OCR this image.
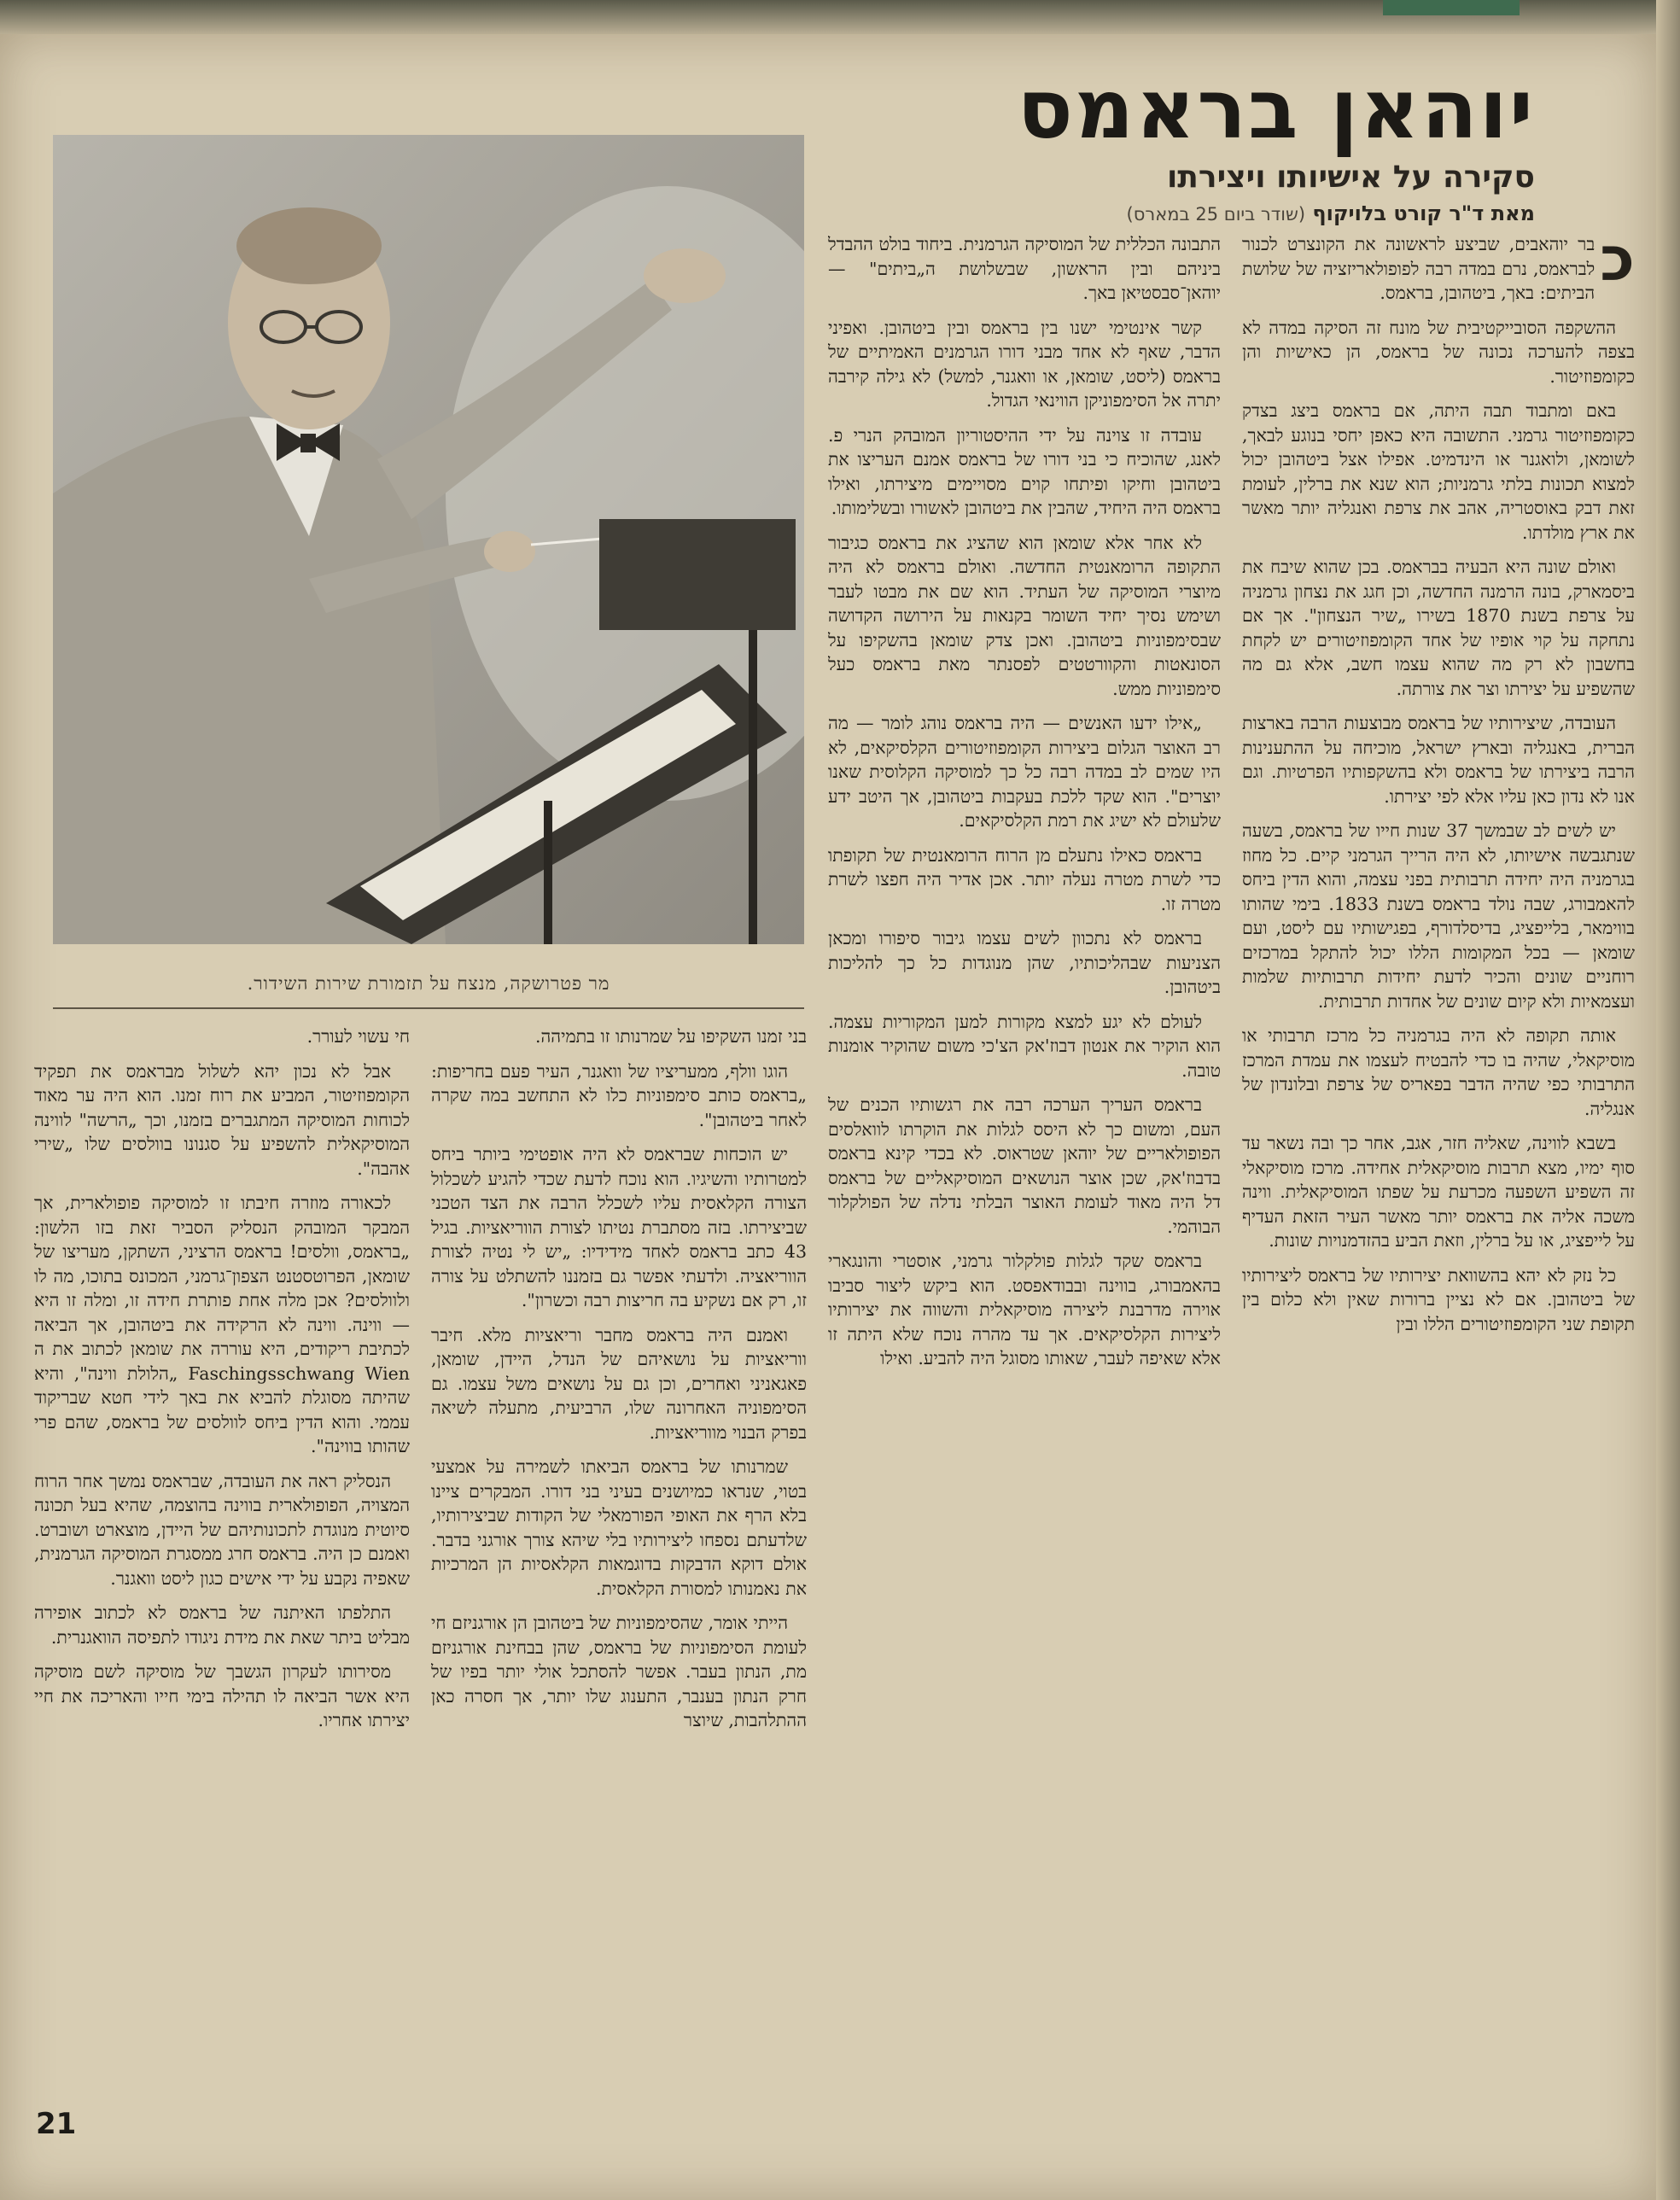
יוהאן בראמס
סקירה על אישיותו ויצירתו
מאת ד"ר קורט בלויקוף (שודר ביום 25 במארס)
מר פטרושקה, מנצח על תזמורת שירות השידור.

כ
בר יוהאבים, שביצע לראשונה את הקונצרט לכנור לבראמס, נרם במדה רבה לפופולאריזציה של שלושת הביתים: באך, ביטהובן, בראמס.

ההשקפה הסובייקטיבית של מונח זה הסיקה במדה לא בצפה להערכה נכונה של בראמס, הן כאישיות והן כקומפוזיטור.

באם ומתבוד תבה היתה, אם בראמס ביצג בצדק כקומפוזיטור גרמני. התשובה היא כאפן יחסי בנוגע לבאך, לשומאן, ולואגנר או הינדמיט. אפילו אצל ביטהובן יכול למצוא תכונות בלתי גרמניות; הוא שנא את ברלין, לעומת זאת דבק באוסטריה, אהב את צרפת ואנגליה יותר מאשר את ארץ מולדתו.

ואולם שונה היא הבעיה בבראמס. בכן שהוא שיבח את ביסמארק, בונה הרמנה החדשה, וכן חגג את נצחון גרמניה על צרפת בשנת 1870 בשירו „שיר הנצחון". אך אם נתחקה על קוי אופיו של אחד הקומפוזיטורים יש לקחת בחשבון לא רק מה שהוא עצמו חשב, אלא גם מה שהשפיע על יצירתו וצר את צורתה.

העובדה, שיצירותיו של בראמס מבוצעות הרבה בארצות הברית, באנגליה ובארץ ישראל, מוכיחה על ההתענינות הרבה ביצירתו של בראמס ולא בהשקפותיו הפרטיות. וגם אנו לא נדון כאן עליו אלא לפי יצירתו.

יש לשים לב שבמשך 37 שנות חייו של בראמס, בשעה שנתגבשה אישיותו, לא היה הרייך הגרמני קיים. כל מחוז בגרמניה היה יחידה תרבותית בפני עצמה, והוא הדין ביחס להאמבורג, שבה נולד בראמס בשנת 1833. בימי שהותו בווימאר, בלייפציג, בדיסלדורף, בפגישותיו עם ליסט, ועם שומאן — בכל המקומות הללו יכול להתקל במרכזים רוחניים שונים והכיר לדעת יחידות תרבותיות שלמות ועצמאיות ולא קיום שונים של אחדות תרבותית.

אותה תקופה לא היה בגרמניה כל מרכז תרבותי או מוסיקאלי, שהיה בו כדי להבטיח לעצמו את עמדת המרכז התרבותי כפי שהיה הדבר בפאריס של צרפת ובלונדון של אנגליה.

בשבא לווינה, שאליה חזר, אגב, אחר כך ובה נשאר עד סוף ימיו, מצא תרבות מוסיקאלית אחידה. מרכז מוסיקאלי זה השפיע השפעה מכרעת על שפתו המוסיקאלית. ווינה משכה אליה את בראמס יותר מאשר העיר הזאת העדיף על לייפציג, או על ברלין, וזאת הביע בהזדמנויות שונות.

כל נזק לא יהא בהשוואת יצירותיו של בראמס ליצירותיו של ביטהובן. אם לא נציין ברורות שאין ולא כלום בין תקופת שני הקומפוזיטורים הללו ובין

התבונה הכללית של המוסיקה הגרמנית. ביחוד בולט ההבדל ביניהם ובין הראשון, שבשלושת ה„ביתים" — יוהאן־סבסטיאן באך.

קשר אינטימי ישנו בין בראמס ובין ביטהובן. ואפיני הדבר, שאף לא אחד מבני דורו הגרמנים האמיתיים של בראמס (ליסט, שומאן, או וואגנר, למשל) לא גילה קירבה יתרה אל הסימפוניקן הווינאי הגדול.

עובדה זו צוינה על ידי ההיסטוריון המובהק הנרי פ. לאנג, שהוכיח כי בני דורו של בראמס אמנם העריצו את ביטהובן וחיקו ופיתחו קוים מסויימים מיצירתו, ואילו בראמס היה היחיד, שהבין את ביטהובן לאשורו ובשלימותו.

לא אחר אלא שומאן הוא שהציג את בראמס כגיבור התקופה הרומאנטית החדשה. ואולם בראמס לא היה מיוצרי המוסיקה של העתיד. הוא שם את מבטו לעבר ושימש נסיך יחיד השומר בקנאות על הירושה הקדושה שבסימפוניות ביטהובן. ואכן צדק שומאן בהשקיפו על הסונאטות והקוורטטים לפסנתר מאת בראמס כעל סימפוניות ממש.

„אילו ידעו האנשים — היה בראמס נוהג לומר — מה רב האוצר הגלום ביצירות הקומפוזיטורים הקלסיקאים, לא היו שמים לב במדה רבה כל כך למוסיקה הקלוסית שאנו יוצרים". הוא שקד ללכת בעקבות ביטהובן, אך היטב ידע שלעולם לא ישיג את רמת הקלסיקאים.

בראמס כאילו נתעלם מן הרוח הרומאנטית של תקופתו כדי לשרת מטרה נעלה יותר. אכן אדיר היה חפצו לשרת מטרה זו.

בראמס לא נתכוון לשים עצמו גיבור סיפורו ומכאן הצניעות שבהליכותיו, שהן מנוגדות כל כך להליכות ביטהובן.

לעולם לא יגע למצא מקורות למען המקוריות עצמה. הוא הוקיר את אנטון דבוז'אק הצ'כי משום שהוקיר אומנות טובה.

בראמס העריך הערכה רבה את רגשותיו הכנים של העם, ומשום כך לא היסס לגלות את הוקרתו לוואלסים הפופולאריים של יוהאן שטראוס. לא בכדי קינא בראמס בדבוז'אק, שכן אוצר הנושאים המוסיקאליים של בראמס דל היה מאוד לעומת האוצר הבלתי נדלה של הפולקלור הבוהמי.

בראמס שקד לגלות פולקלור גרמני, אוסטרי והונגארי בהאמבורג, בווינה ובבודאפסט. הוא ביקש ליצור סביבו אוירה מדרבנת ליצירה מוסיקאלית והשווה את יצירותיו ליצירות הקלסיקאים. אך עד מהרה נוכח שלא היתה זו אלא שאיפה לעבר, שאותו מסוגל היה להביע. ואילו

בני זמנו השקיפו על שמרנותו זו בתמיהה.

הוגו וולף, ממעריציו של וואגנר, העיר פעם בחריפות: „בראמס כותב סימפוניות כלו לא התחשב במה שקרה לאחר ביטהובן".

יש הוכחות שבראמס לא היה אופטימי ביותר ביחס למטרותיו והשיגיו. הוא נוכח לדעת שכדי להגיע לשכלול הצורה הקלאסית עליו לשכלל הרבה את הצד הטכני שביצירתו. בזה מסתברת נטיתו לצורת הווריאציות. בגיל 43 כתב בראמס לאחד מידידיו: „יש לי נטיה לצורת הווריאציה. ולדעתי אפשר גם בזמננו להשתלט על צורה זו, רק אם נשקיע בה חריצות רבה וכשרון".

ואמנם היה בראמס מחבר וריאציות מלא. חיבר ווריאציות על נושאיהם של הנדל, היידן, שומאן, פאגאניני ואחרים, וכן גם על נושאים משל עצמו. גם הסימפוניה האחרונה שלו, הרביעית, מתעלה לשיאה בפרק הבנוי מווריאציות.

שמרנותו של בראמס הביאתו לשמירה על אמצעי בטוי, שנראו כמיושנים בעיני בני דורו. המבקרים ציינו בלא הרף את האופי הפורמאלי של הקודות שביצירותיו, שלדעתם נספחו ליצירותיו בלי שיהא צורך אורגני בדבר. אולם דוקא הדבקות בדוגמאות הקלאסיות הן המרכיות את נאמנותו למסורת הקלאסית.

הייתי אומר, שהסימפוניות של ביטהובן הן אורגניזם חי לעומת הסימפוניות של בראמס, שהן בבחינת אורגניזם מת, הנתון בעבר. אפשר להסתכל אולי יותר בפיו של חרק הנתון בענבר, התענוג שלו יותר, אך חסרה כאן ההתלהבות, שיוצר

חי עשוי לעורר.

אבל לא נכון יהא לשלול מבראמס את תפקיד הקומפוזיטור, המביע את רוח זמנו. הוא היה ער מאוד לכוחות המוסיקה המתגברים בזמנו, וכך „הרשה" לווינה המוסיקאלית להשפיע על סגנונו בוולסים שלו „שירי אהבה".

לכאורה מוזרה חיבתו זו למוסיקה פופולארית, אך המבקר המובהק הנסליק הסביר זאת בזו הלשון: „בראמס, וולסים! בראמס הרציני, השתקן, מעריצו של שומאן, הפרוטסטנט הצפון־גרמני, המכונס בתוכו, מה לו ולוולסים? אכן מלה אחת פותרת חידה זו, ומלה זו היא — ווינה. ווינה לא הרקידה את ביטהובן, אך הביאה לכתיבת ריקודים, היא עוררה את שומאן לכתוב את ה Faschingsschwang Wien „הלולת ווינה", והיא שהיתה מסוגלת להביא את באך לידי חטא שבריקוד עממי. והוא הדין ביחס לוולסים של בראמס, שהם פרי שהותו בווינה".

הנסליק ראה את העובדה, שבראמס נמשך אחר הרוח המצויה, הפופולארית בווינה בהוצמה, שהיא בעל תכונה סיוטית מנוגדת לתכונותיהם של היידן, מוצארט ושוברט. ואמנם כן היה. בראמס חרג ממסגרת המוסיקה הגרמנית, שאפיה נקבע על ידי אישים כגון ליסט וואגנר.

התלפתו האיתנה של בראמס לא לכתוב אופירה מבליט ביתר שאת את מידת ניגודו לתפיסה הוואגנרית.

מסירותו לעקרון הגשבך של מוסיקה לשם מוסיקה היא אשר הביאה לו תהילה בימי חייו והאריכה את חיי יצירתו אחריו.

21
